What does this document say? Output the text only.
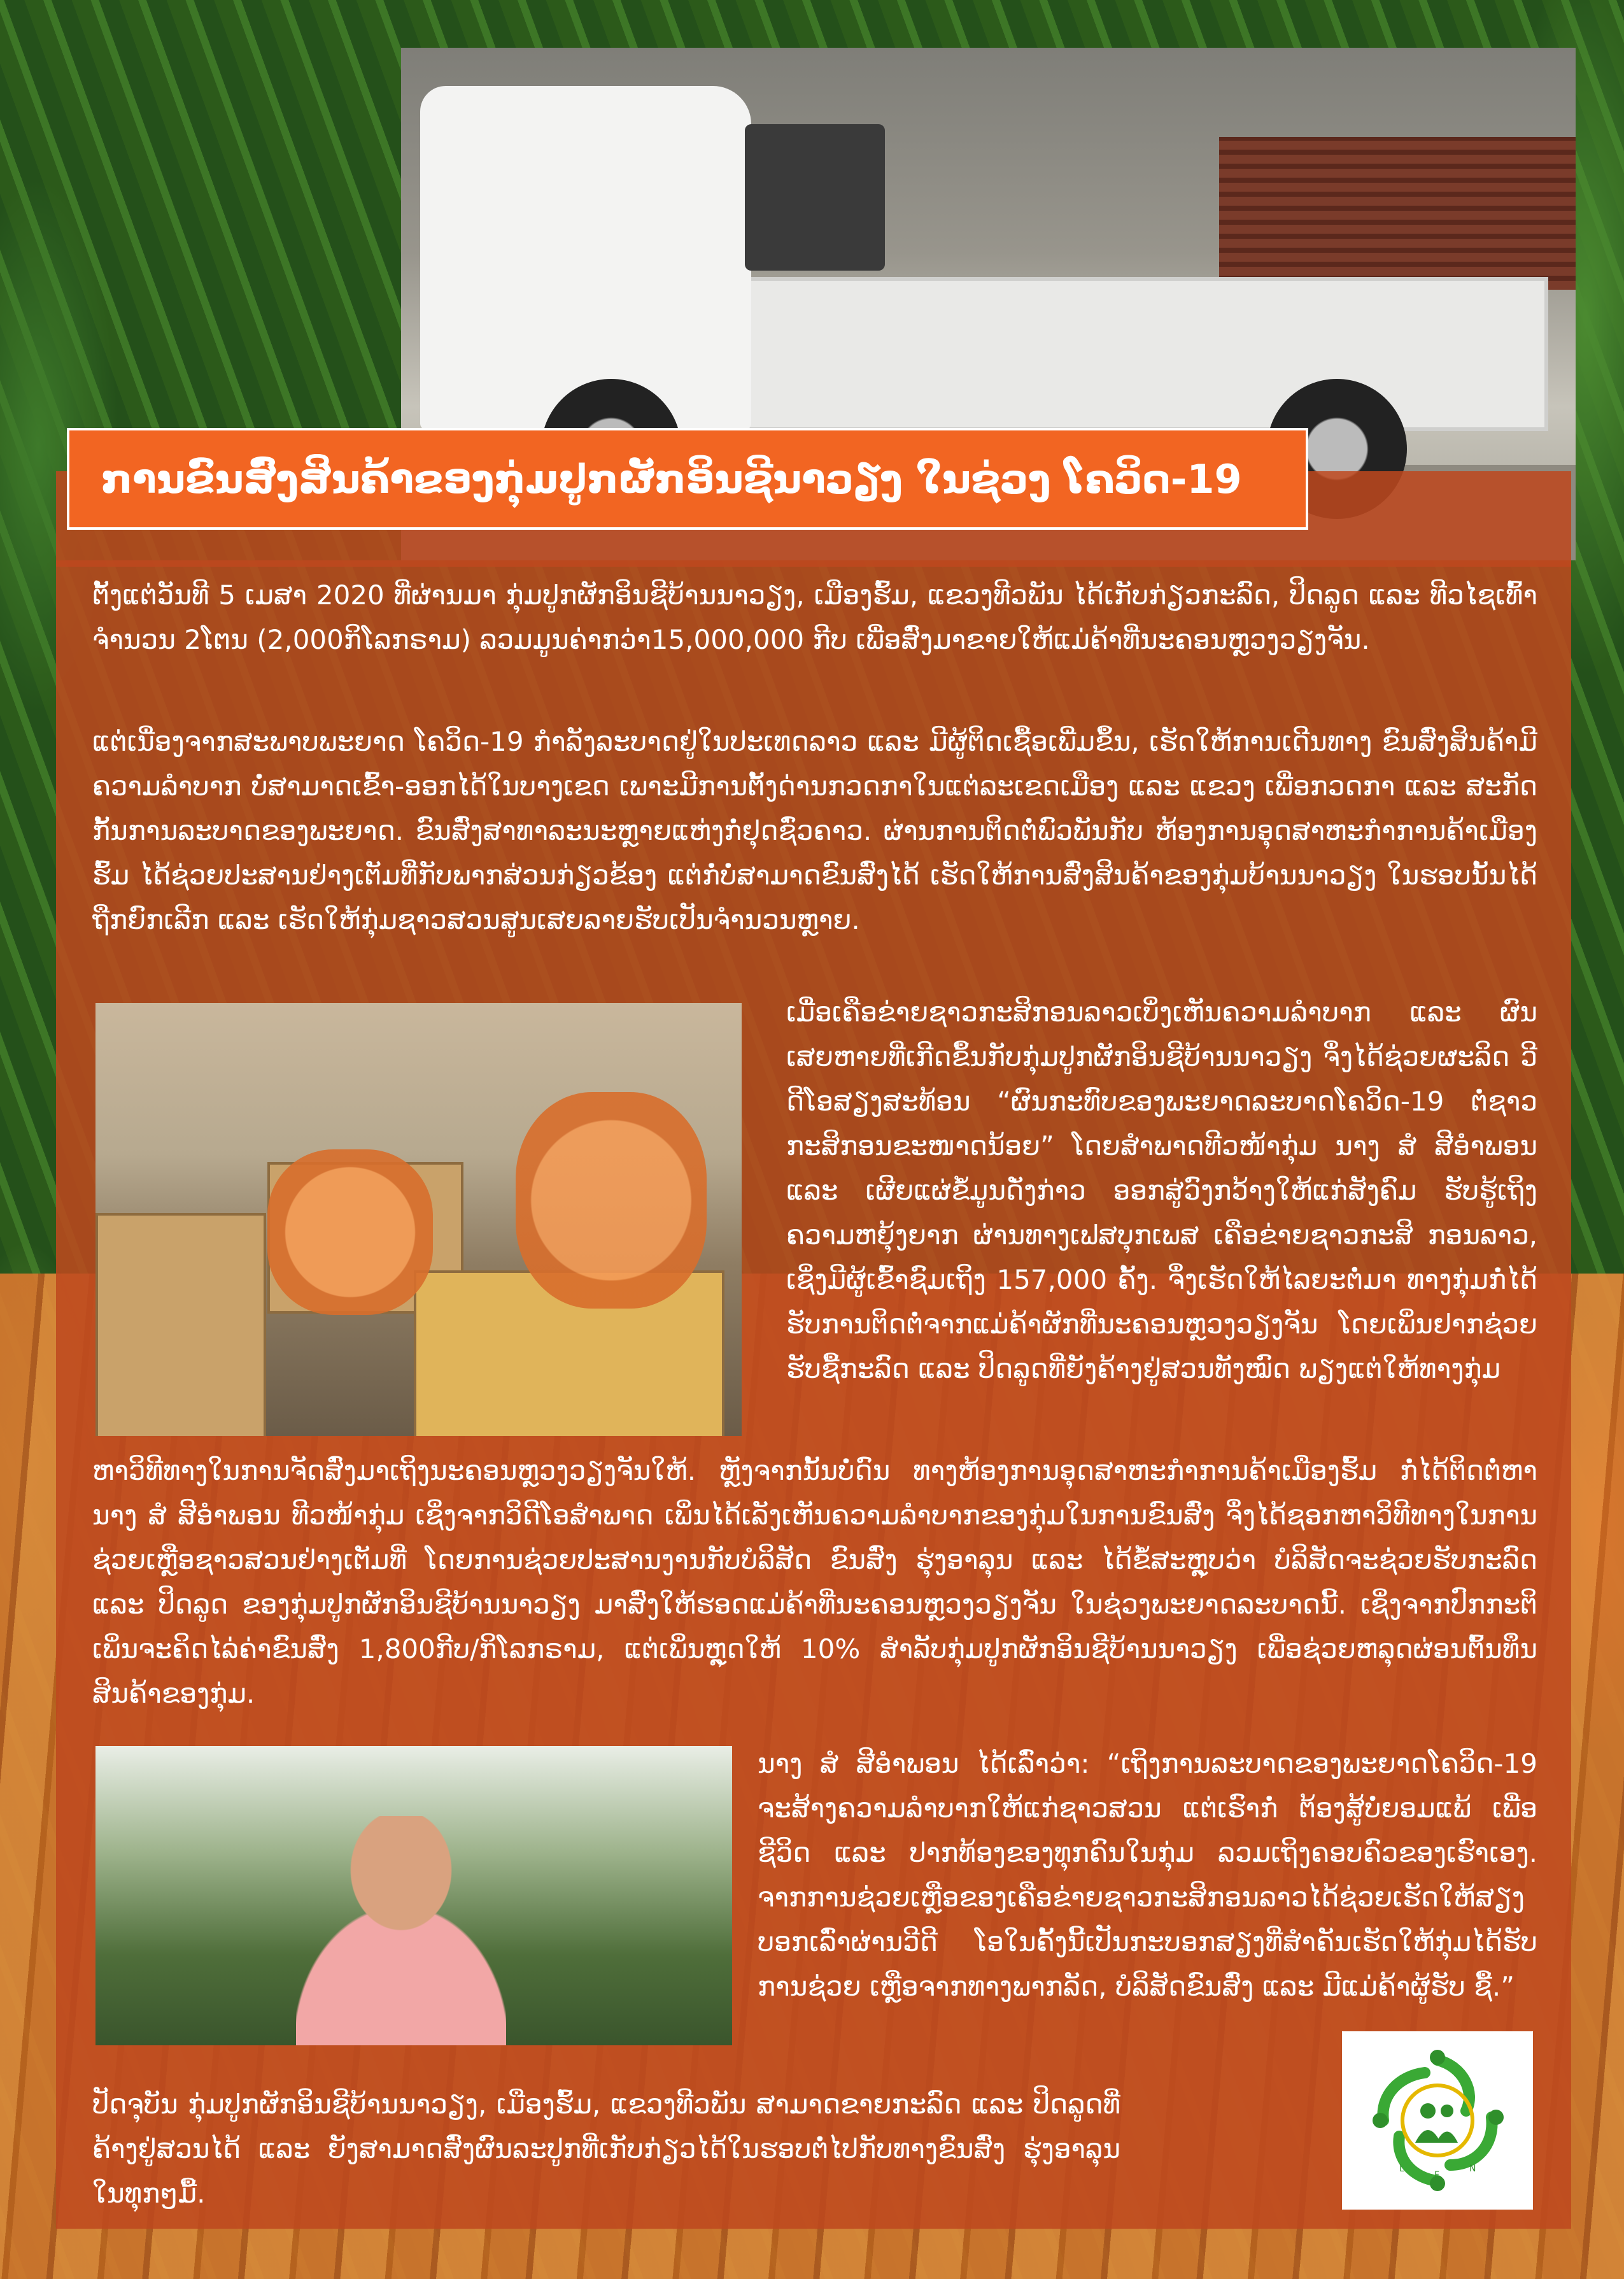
ການຂົນສົ່ງສິນຄ້າຂອງກຸ່ມປູກຜັກອິນຊີນາວຽງ ໃນຊ່ວງ ໂຄວິດ-19

ຕັ້ງແຕ່ວັນທີ 5 ເມສາ 2020 ທີ່ຜ່ານມາ ກຸ່ມປູກຜັກອິນຊີບ້ານນາວຽງ, ເມືອງຮົ້ມ, ແຂວງທີວພັນ ໄດ້ເກັບກ່ຽວກະລົດ, ປິດລູດ ແລະ ທີວໄຊເທົ້າ ຈຳນວນ 2ໂຕນ (2,000ກິໂລກຣາມ) ລວມມູນຄ່າກວ່າ15,000,000 ກີບ ເພື່ອສົ່ງມາຂາຍໃຫ້ແມ່ຄ້າທີ່ນະຄອນຫຼວງວຽງຈັນ.

ແຕ່ເນື່ອງຈາກສະພາບພະຍາດ ໂຄວິດ-19 ກຳລັງລະບາດຢູ່ໃນປະເທດລາວ ແລະ ມີຜູ້ຕິດເຊື້ອເພີ່ມຂຶ້ນ, ເຮັດໃຫ້ການເດີນທາງ ຂົນສົ່ງສິນຄ້າມີຄວາມລຳບາກ ບໍ່ສາມາດເຂົ້າ-ອອກໄດ້ໃນບາງເຂດ ເພາະມີການຕັ້ງດ່ານກວດກາໃນແຕ່ລະເຂດເມືອງ ແລະ ແຂວງ ເພື່ອກວດກາ ແລະ ສະກັດກັ້ນການລະບາດຂອງພະຍາດ. ຂົນສົ່ງສາທາລະນະຫຼາຍແຫ່ງກໍ່ຢຸດຊົ່ວຄາວ. ຜ່ານການຕິດຕໍ່ພົວພັນກັບ ຫ້ອງການອຸດສາຫະກຳການຄ້າເມືອງຮົ້ມ ໄດ້ຊ່ວຍປະສານຢ່າງເຕັມທີ່ກັບພາກສ່ວນກ່ຽວຂ້ອງ ແຕ່ກໍ່ບໍ່ສາມາດຂົນສົ່ງໄດ້ ເຮັດໃຫ້ການສົ່ງສິນຄ້າຂອງກຸ່ມບ້ານນາວຽງ ໃນຮອບນັ້ນໄດ້ຖືກຍົກເລີກ ແລະ ເຮັດໃຫ້ກຸ່ມຊາວສວນສູນເສຍລາຍຮັບເປັນຈຳນວນຫຼາຍ.

ເມື່ອເຄືອຂ່າຍຊາວກະສິກອນລາວເບິ່ງເຫັນຄວາມລຳບາກ ແລະ ຜົນເສຍຫາຍທີ່ເກີດຂຶ້ນກັບກຸ່ມປູກຜັກອິນຊີບ້ານນາວຽງ ຈຶ່ງໄດ້ຊ່ວຍຜະລິດ ວີດີໂອສຽງສະທ້ອນ “ຜົນກະທົບຂອງພະຍາດລະບາດໂຄວິດ-19 ຕໍ່ຊາວກະສິກອນຂະໜາດນ້ອຍ” ໂດຍສຳພາດທີວໜ້າກຸ່ມ ນາງ ສໍ ສີອຳພອນ ແລະ ເຜີຍແຜ່ຂໍ້ມູນດັ່ງກ່າວ ອອກສູ່ວົງກວ້າງໃຫ້ແກ່ສັງຄົມ ຮັບຮູ້ເຖິງຄວາມຫຍຸ້ງຍາກ ຜ່ານທາງເຟສບຸກເພສ ເຄືອຂ່າຍຊາວກະສິ ກອນລາວ, ເຊິ່ງມີຜູ້ເຂົ້າຊົມເຖິງ 157,000 ຄັ້ງ. ຈຶ່ງເຮັດໃຫ້ໄລຍະຕໍ່ມາ ທາງກຸ່ມກໍ່ໄດ້ຮັບການຕິດຕໍ່ຈາກແມ່ຄ້າຜັກທີ່ນະຄອນຫຼວງວຽງຈັນ ໂດຍເພິ່ນຢາກຊ່ວຍຮັບຊື້ກະລົດ ແລະ ປິດລູດທີ່ຍັງຄ້າງຢູ່ສວນທັງໝົດ ພຽງແຕ່ໃຫ້ທາງກຸ່ມ

ຫາວິທີທາງໃນການຈັດສົ່ງມາເຖິງນະຄອນຫຼວງວຽງຈັນໃຫ້. ຫຼັງຈາກນັ້ນບໍ່ດົນ ທາງຫ້ອງການອຸດສາຫະກຳການຄ້າເມືອງຮົ້ມ ກໍ່ໄດ້ຕິດຕໍ່ຫາ ນາງ ສໍ ສີອຳພອນ ທີວໜ້າກຸ່ມ ເຊິ່ງຈາກວິດີໂອສຳພາດ ເພິ່ນໄດ້ເລັງເຫັນຄວາມລຳບາກຂອງກຸ່ມໃນການຂົນສົ່ງ ຈຶ່ງໄດ້ຊອກຫາວິທີທາງໃນການຊ່ວຍເຫຼືອຊາວສວນຢ່າງເຕັມທີ່ ໂດຍການຊ່ວຍປະສານງານກັບບໍລິສັດ ຂົນສົ່ງ ຮຸ່ງອາລຸນ ແລະ ໄດ້ຂໍ້ສະຫຼຸບວ່າ ບໍລິສັດຈະຊ່ວຍຮັບກະລົດ ແລະ ປິດລູດ ຂອງກຸ່ມປູກຜັກອິນຊີບ້ານນາວຽງ ມາສົ່ງໃຫ້ຮອດແມ່ຄ້າທີ່ນະຄອນຫຼວງວຽງຈັນ ໃນຊ່ວງພະຍາດລະບາດນີ້. ເຊິ່ງຈາກປົກກະຕິເພິ່ນຈະຄິດໄລ່ຄ່າຂົນສົ່ງ 1,800ກີບ/ກິໂລກຣາມ, ແຕ່ເພິ່ນຫຼຸດໃຫ້ 10% ສຳລັບກຸ່ມປູກຜັກອິນຊີບ້ານນາວຽງ ເພື່ອຊ່ວຍຫລຸດຜ່ອນຕົ້ນທຶນສິນຄ້າຂອງກຸ່ມ.

ນາງ ສໍ ສີອຳພອນ ໄດ້ເລົ່າວ່າ: “ເຖິງການລະບາດຂອງພະຍາດໂຄວິດ-19 ຈະສ້າງຄວາມລຳບາກໃຫ້ແກ່ຊາວສວນ ແຕ່ເຮົາກໍ່ ຕ້ອງສູ້ບໍ່ຍອມແພ້ ເພື່ອຊີວິດ ແລະ ປາກທ້ອງຂອງທຸກຄົນໃນກຸ່ມ ລວມເຖິງຄອບຄົວຂອງເຮົາເອງ. ຈາກການຊ່ວຍເຫຼືອຂອງເຄືອຂ່າຍຊາວກະສິກອນລາວໄດ້ຊ່ວຍເຮັດໃຫ້ສຽງບອກເລົ່າຜ່ານວີດີ ໂອໃນຄັ້ງນີ້ເປັນກະບອກສຽງທີ່ສຳຄັນເຮັດໃຫ້ກຸ່ມໄດ້ຮັບການຊ່ວຍ ເຫຼືອຈາກທາງພາກລັດ, ບໍລິສັດຂົນສົ່ງ ແລະ ມີແມ່ຄ້າຜູ້ຮັບ ຊື້.”

ປັດຈຸບັນ ກຸ່ມປູກຜັກອິນຊີບ້ານນາວຽງ, ເມືອງຮົ້ມ, ແຂວງທີວພັນ ສາມາດຂາຍກະລົດ ແລະ ປິດລູດທີ່ຄ້າງຢູ່ສວນໄດ້ ແລະ ຍັງສາມາດສົ່ງຜົນລະປູກທີ່ເກັບກ່ຽວໄດ້ໃນຮອບຕໍ່ໄປກັບທາງຂົນສົ່ງ ຮຸ່ງອາລຸນ ໃນທຸກໆມື້.

L
F
N
